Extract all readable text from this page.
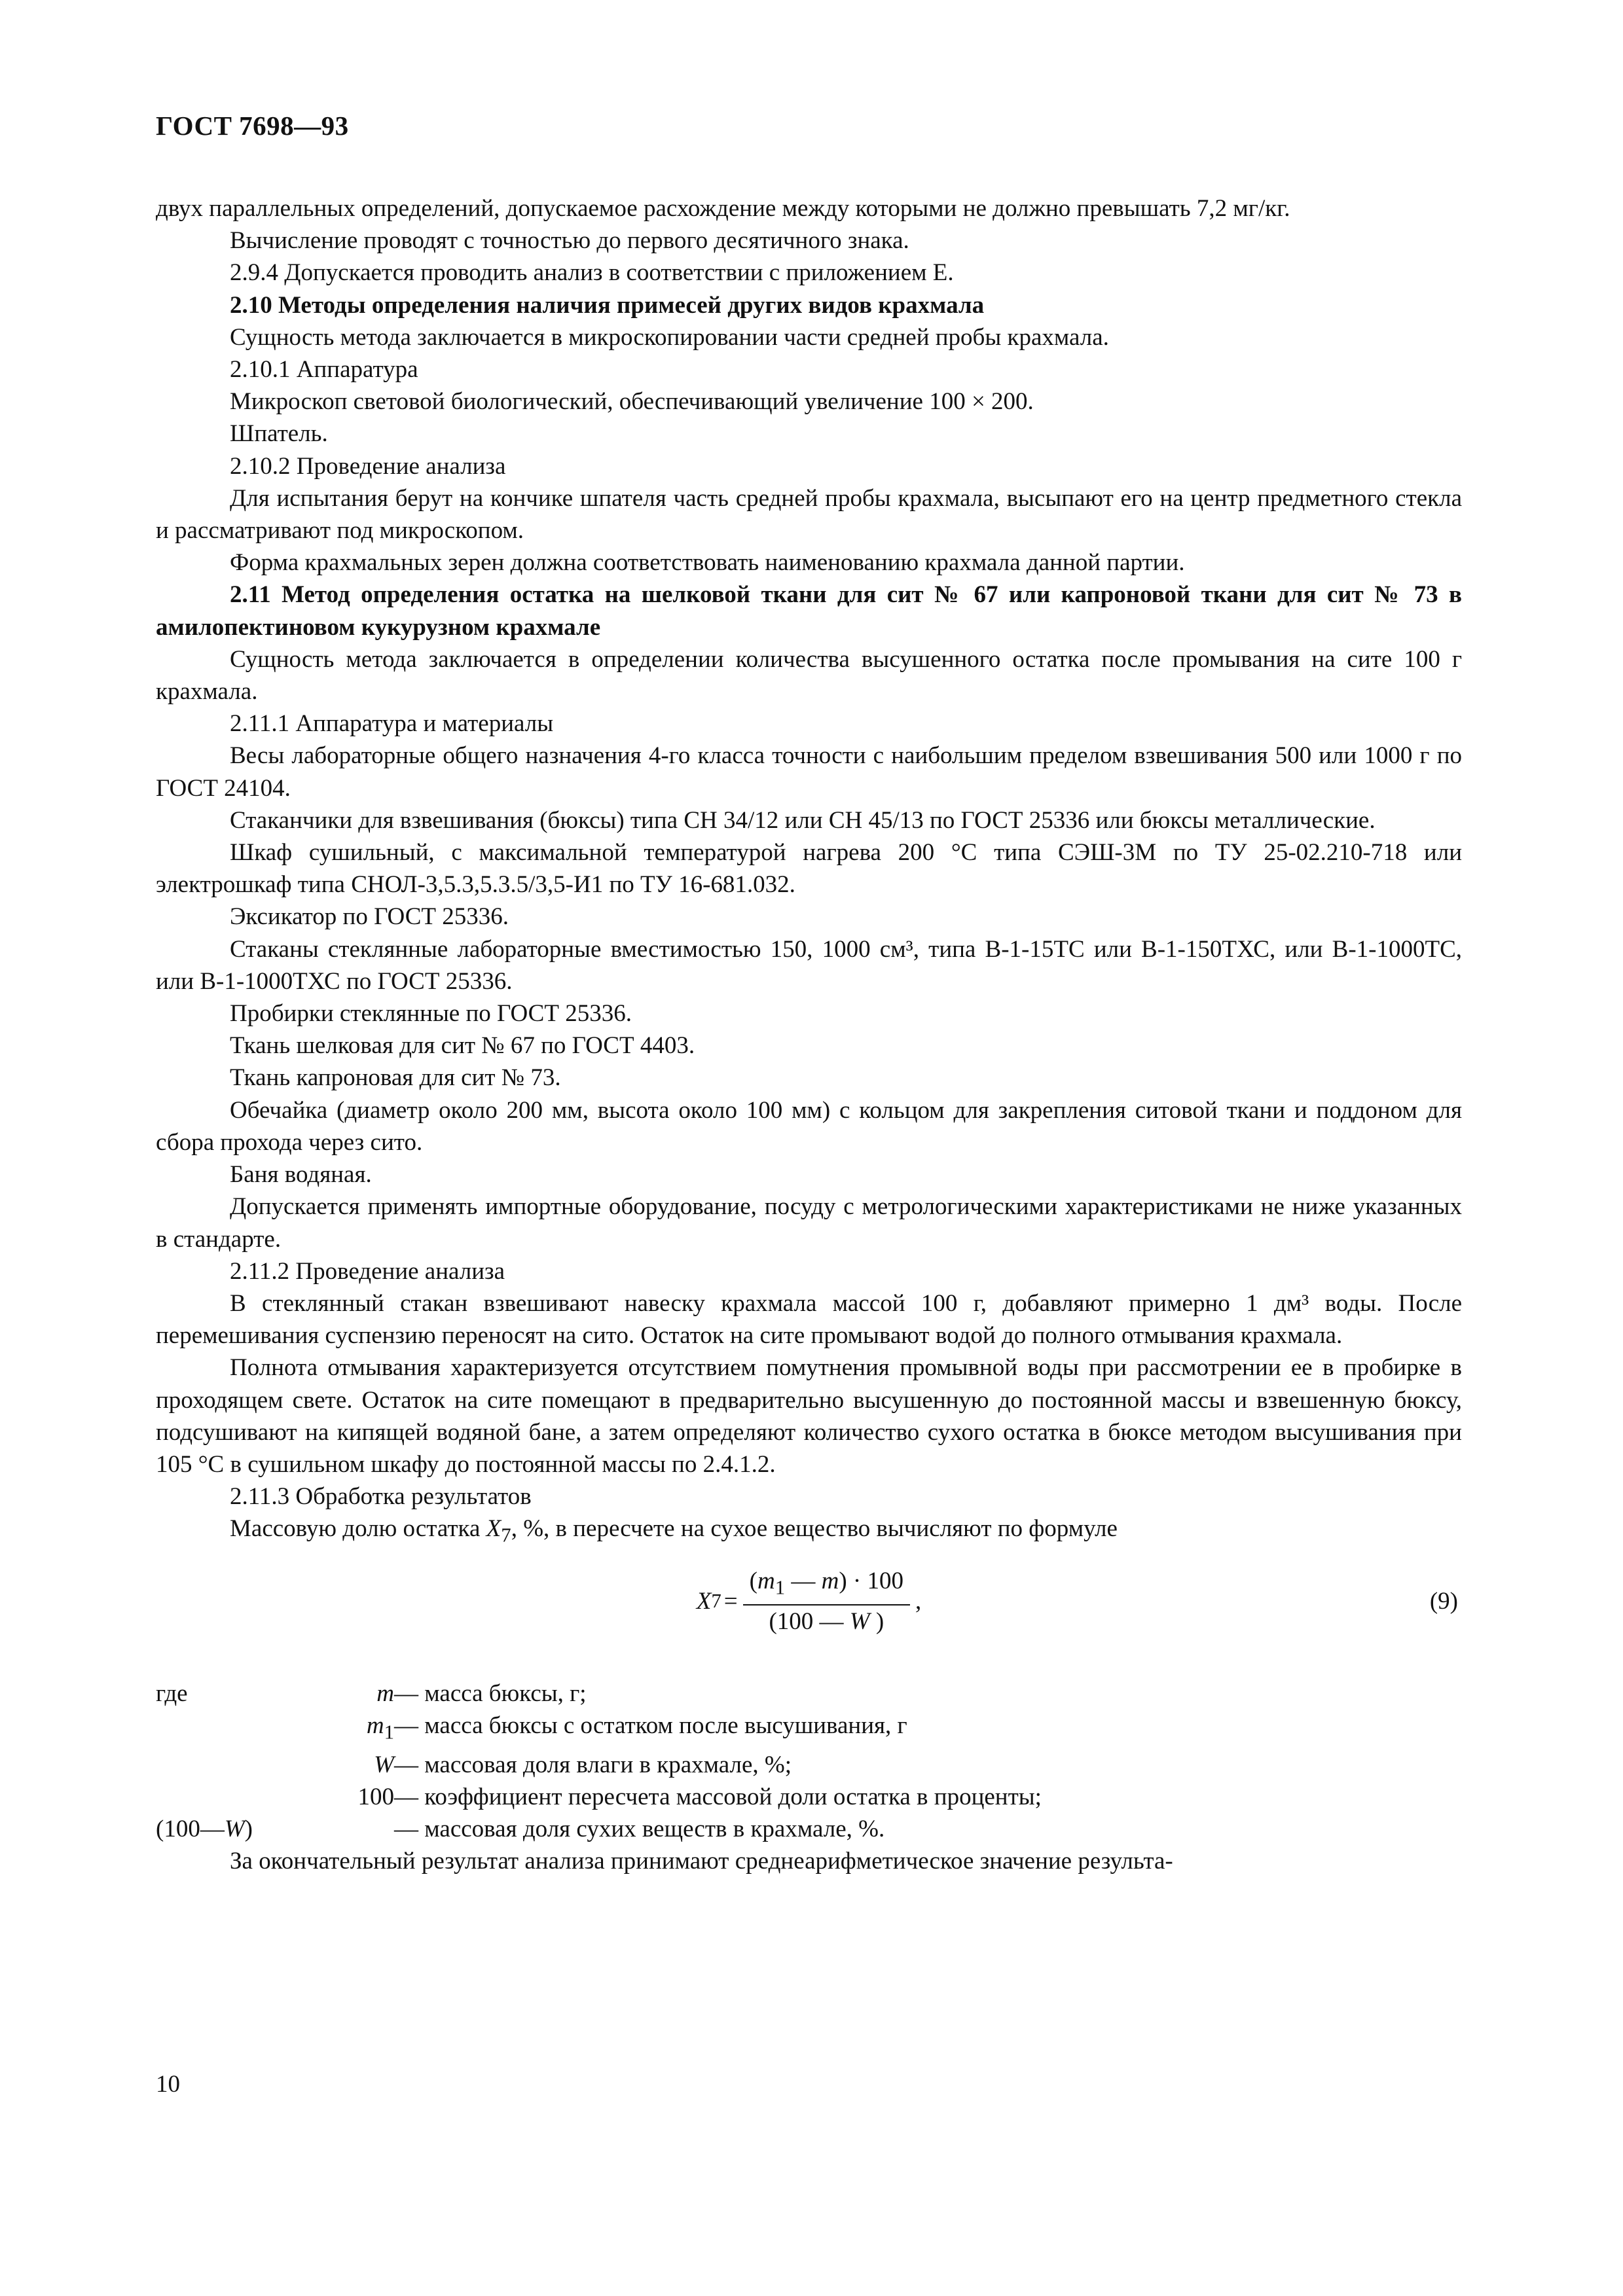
ГОСТ 7698—93

двух параллельных определений, допускаемое расхождение между которыми не должно превышать 7,2 мг/кг.

Вычисление проводят с точностью до первого десятичного знака.

2.9.4 Допускается проводить анализ в соответствии с приложением Е.

2.10 Методы определения наличия примесей других видов крахмала

Сущность метода заключается в микроскопировании части средней пробы крахмала.

2.10.1 Аппаратура

Микроскоп световой биологический, обеспечивающий увеличение 100 × 200.

Шпатель.

2.10.2 Проведение анализа

Для испытания берут на кончике шпателя часть средней пробы крахмала, высыпают его на центр предметного стекла и рассматривают под микроскопом.

Форма крахмальных зерен должна соответствовать наименованию крахмала данной партии.

2.11 Метод определения остатка на шелковой ткани для сит № 67 или капроновой ткани для сит № 73 в амилопектиновом кукурузном крахмале

Сущность метода заключается в определении количества высушенного остатка после промывания на сите 100 г крахмала.

2.11.1 Аппаратура и материалы

Весы лабораторные общего назначения 4-го класса точности с наибольшим пределом взвешивания 500 или 1000 г по ГОСТ 24104.

Стаканчики для взвешивания (бюксы) типа СН 34/12 или СН 45/13 по ГОСТ 25336 или бюксы металлические.

Шкаф сушильный, с максимальной температурой нагрева 200 °С типа СЭШ-3М по ТУ 25-02.210-718 или электрошкаф типа СНОЛ-3,5.3,5.3.5/3,5-И1 по ТУ 16-681.032.

Эксикатор по ГОСТ 25336.

Стаканы стеклянные лабораторные вместимостью 150, 1000 см³, типа В-1-15ТС или В-1-150ТХС, или В-1-1000ТС, или В-1-1000ТХС по ГОСТ 25336.

Пробирки стеклянные по ГОСТ 25336.

Ткань шелковая для сит № 67 по ГОСТ 4403.

Ткань капроновая для сит № 73.

Обечайка (диаметр около 200 мм, высота около 100 мм) с кольцом для закрепления ситовой ткани и поддоном для сбора прохода через сито.

Баня водяная.

Допускается применять импортные оборудование, посуду с метрологическими характеристиками не ниже указанных в стандарте.

2.11.2 Проведение анализа

В стеклянный стакан взвешивают навеску крахмала массой 100 г, добавляют примерно 1 дм³ воды. После перемешивания суспензию переносят на сито. Остаток на сите промывают водой до полного отмывания крахмала.

Полнота отмывания характеризуется отсутствием помутнения промывной воды при рассмотрении ее в пробирке в проходящем свете. Остаток на сите помещают в предварительно высушенную до постоянной массы и взвешенную бюксу, подсушивают на кипящей водяной бане, а затем определяют количество сухого остатка в бюксе методом высушивания при 105 °С в сушильном шкафу до постоянной массы по 2.4.1.2.

2.11.3 Обработка результатов

Массовую долю остатка $X_7$, %, в пересчете на сухое вещество вычисляют по формуле

X $7 = \frac{(m_1 — m) \cdot 100}{(100 — W )}$ ,	(9)
где	m — масса бюксы, г;
$m_1$ — масса бюксы с остатком после высушивания, г
W — массовая доля влаги в крахмале, %;
100 — коэффициент пересчета массовой доли остатка в проценты;
(100—W)	— массовая доля сухих веществ в крахмале, %.

За окончательный результат анализа принимают среднеарифметическое значение результа-

10
